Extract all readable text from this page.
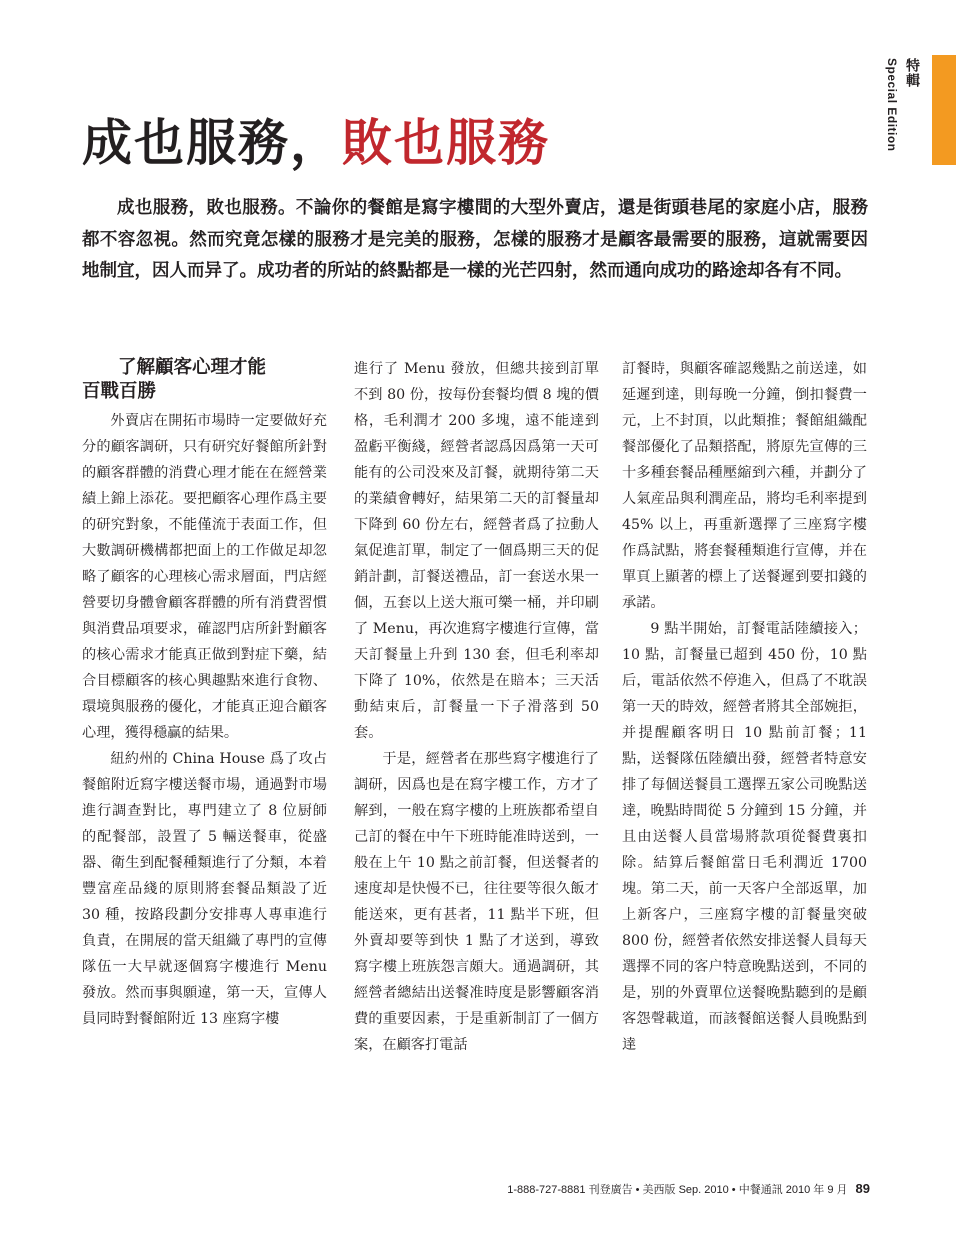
特輯
Special Edition
成也服務，敗也服務

成也服務，敗也服務。不論你的餐館是寫字樓間的大型外賣店，還是街頭巷尾的家庭小店，服務都不容忽視。然而究竟怎樣的服務才是完美的服務，怎樣的服務才是顧客最需要的服務，這就需要因地制宜，因人而异了。成功者的所站的終點都是一樣的光芒四射，然而通向成功的路途却各有不同。

了解顧客心理才能
百戰百勝

外賣店在開拓市場時一定要做好充分的顧客調研，只有研究好餐館所針對的顧客群體的消費心理才能在在經營業績上錦上添花。要把顧客心理作爲主要的研究對象，不能僅流于表面工作，但大數調研機構都把面上的工作做足却忽略了顧客的心理核心需求層面，門店經營要切身體會顧客群體的所有消費習慣與消費品項要求，確認門店所針對顧客的核心需求才能真正做到對症下藥，結合目標顧客的核心興趣點來進行食物、環境與服務的優化，才能真正迎合顧客心理，獲得穩贏的結果。

紐約州的 China House 爲了攻占餐館附近寫字樓送餐市場，通過對市場進行調查對比，專門建立了 8 位厨師的配餐部，設置了 5 輛送餐車，從盛器、衛生到配餐種類進行了分類，本着豐富産品綫的原則將套餐品類設了近 30 種，按路段劃分安排專人專車進行負責，在開展的當天組織了專門的宣傳隊伍一大早就逐個寫字樓進行 Menu 發放。然而事與願違，第一天，宣傳人員同時對餐館附近 13 座寫字樓

進行了 Menu 發放，但總共接到訂單不到 80 份，按每份套餐均價 8 塊的價格，毛利潤才 200 多塊，遠不能達到盈虧平衡綫，經營者認爲因爲第一天可能有的公司没來及訂餐，就期待第二天的業績會轉好，結果第二天的訂餐量却下降到 60 份左右，經營者爲了拉動人氣促進訂單，制定了一個爲期三天的促銷計劃，訂餐送禮品，訂一套送水果一個，五套以上送大瓶可樂一桶，并印刷了 Menu，再次進寫字樓進行宣傳，當天訂餐量上升到 130 套，但毛利率却下降了 10%，依然是在賠本；三天活動結束后，訂餐量一下子滑落到 50 套。

于是，經營者在那些寫字樓進行了調研，因爲也是在寫字樓工作，方才了解到，一般在寫字樓的上班族都希望自己訂的餐在中午下班時能准時送到，一般在上午 10 點之前訂餐，但送餐者的速度却是快慢不已，往往要等很久飯才能送來，更有甚者，11 點半下班，但外賣却要等到快 1 點了才送到，導致寫字樓上班族怨言頗大。通過調研，其經營者總結出送餐准時度是影響顧客消費的重要因素，于是重新制訂了一個方案，在顧客打電話

訂餐時，與顧客確認幾點之前送達，如延遲到達，則每晚一分鐘，倒扣餐費一元，上不封頂，以此類推；餐館組織配餐部優化了品類搭配，將原先宣傳的三十多種套餐品種壓縮到六種，并劃分了人氣産品與利潤産品，將均毛利率提到 45% 以上，再重新選擇了三座寫字樓作爲試點，將套餐種類進行宣傳，并在單頁上顯著的標上了送餐遲到要扣錢的承諾。

9 點半開始，訂餐電話陸續接入；10 點，訂餐量已超到 450 份，10 點后，電話依然不停進入，但爲了不耽誤第一天的時效，經營者將其全部婉拒，并提醒顧客明日 10 點前訂餐；11 點，送餐隊伍陸續出發，經營者特意安排了每個送餐員工選擇五家公司晚點送達，晚點時間從 5 分鐘到 15 分鐘，并且由送餐人員當場將款項從餐費裏扣除。結算后餐館當日毛利潤近 1700 塊。第二天，前一天客户全部返單，加上新客户，三座寫字樓的訂餐量突破 800 份，經營者依然安排送餐人員每天選擇不同的客户特意晚點送到，不同的是，别的外賣單位送餐晚點聽到的是顧客怨聲載道，而該餐館送餐人員晚點到達

1-888-727-8881 刊登廣告 • 美西版 Sep. 2010 • 中餐通訊 2010 年 9 月 89
